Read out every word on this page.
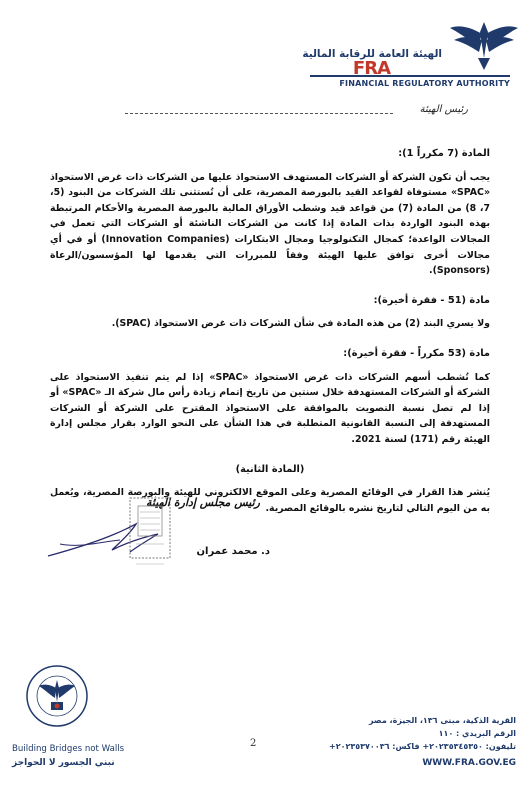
الهيئة العامة للرقابة المالية
FRA
FINANCIAL REGULATORY AUTHORITY
رئيس الهيئة

المادة (7 مكرراً 1):

يجب أن تكون الشركة أو الشركات المستهدف الاستحواذ عليها من الشركات ذات غرض الاستحواذ «SPAC» مستوفاة لقواعد القيد بالبورصة المصرية، على أن تُستثنى تلك الشركات من البنود (5، 7، 8) من المادة (7) من قواعد قيد وشطب الأوراق المالية بالبورصة المصرية والأحكام المرتبطة بهذه البنود الواردة بذات المادة إذا كانت من الشركات الناشئة أو الشركات التي تعمل في المجالات الواعدة؛ كمجال التكنولوجيا ومجال الابتكارات (Innovation Companies) أو في أي مجالات أخرى توافق عليها الهيئة وفقاً للمبررات التي يقدمها لها المؤسسون/الرعاة (Sponsors).

مادة (51 - فقرة أخيرة):

ولا يسري البند (2) من هذه المادة في شأن الشركات ذات غرض الاستحواذ (SPAC).

مادة (53 مكرراً - فقرة أخيرة):

كما تُشطب أسهم الشركات ذات غرض الاستحواذ «SPAC» إذا لم يتم تنفيذ الاستحواذ على الشركة أو الشركات المستهدفة خلال سنتين من تاريخ إتمام زيادة رأس مال شركة الـ «SPAC» أو إذا لم تصل نسبة التصويت بالموافقة على الاستحواذ المقترح على الشركة أو الشركات المستهدفة إلى النسبة القانونية المتطلبة في هذا الشأن على النحو الوارد بقرار مجلس إدارة الهيئة رقم (171) لسنة 2021.

(المادة الثانية)

يُنشر هذا القرار في الوقائع المصرية وعلى الموقع الالكتروني للهيئة والبورصة المصرية، ويُعمل به من اليوم التالي لتاريخ نشره بالوقائع المصرية.

رئيس مجلس إدارة الهيئة
د. محمد عمران
Building Bridges not Walls
نبني الجسور لا الحواجز
2
القرية الذكية، مبنى ١٣٦، الجيزة، مصر
الرقم البريدي : ١١٠
تليفون: ٢٠٢٣٥٣٤٥٣٥٠+ فاكس: ٢٠٢٣٥٣٧٠٠٣٦+
WWW.FRA.GOV.EG
